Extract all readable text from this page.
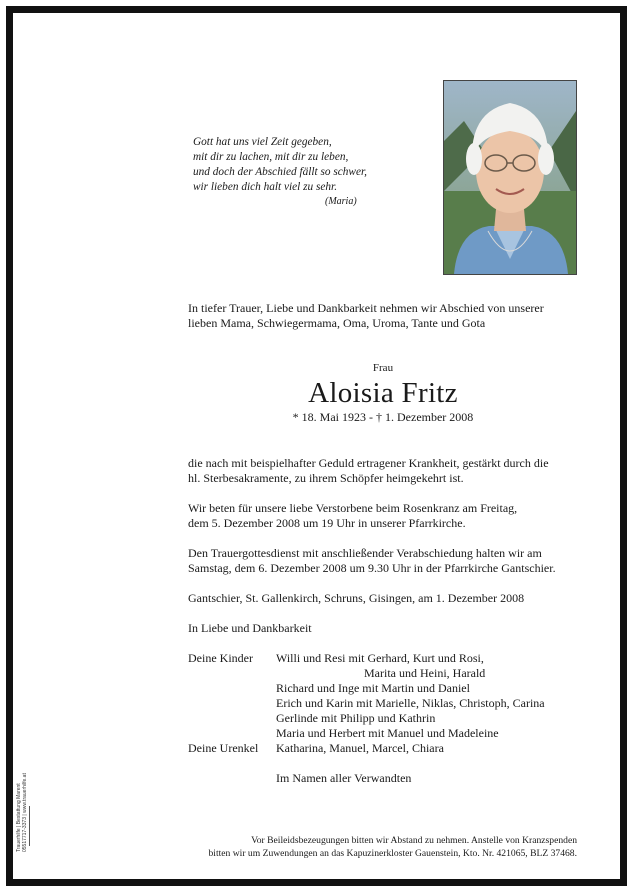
Gott hat uns viel Zeit gegeben,
mit dir zu lachen, mit dir zu leben,
und doch der Abschied fällt so schwer,
wir lieben dich halt viel zu sehr.
(Maria)
In tiefer Trauer, Liebe und Dankbarkeit nehmen wir Abschied von unserer
lieben Mama, Schwiegermama, Oma, Uroma, Tante und Gota
Frau
Aloisia Fritz
* 18. Mai 1923 - † 1. Dezember 2008
die nach mit beispielhafter Geduld ertragener Krankheit, gestärkt durch die
hl. Sterbesakramente, zu ihrem Schöpfer heimgekehrt ist.
Wir beten für unsere liebe Verstorbene beim Rosenkranz am Freitag,
dem 5. Dezember 2008 um 19 Uhr in unserer Pfarrkirche.
Den Trauergottesdienst mit anschließender Verabschiedung halten wir am
Samstag, dem 6. Dezember 2008 um 9.30 Uhr in der Pfarrkirche Gantschier.
Gantschier, St. Gallenkirch, Schruns, Gisingen, am 1. Dezember 2008
In Liebe und Dankbarkeit
Deine Kinder Willi und Resi mit Gerhard, Kurt und Rosi,
Marita und Heini, Harald
Richard und Inge mit Martin und Daniel
Erich und Karin mit Marielle, Niklas, Christoph, Carina
Gerlinde mit Philipp und Kathrin
Maria und Herbert mit Manuel und Madeleine
Deine Urenkel Katharina, Manuel, Marcel, Chiara
Im Namen aller Verwandten
Vor Beileidsbezeugungen bitten wir Abstand zu nehmen. Anstelle von Kranzspenden
bitten wir um Zuwendungen an das Kapuzinerkloster Gauenstein, Kto. Nr. 421065, BLZ 37468.
Trauerhilfe | Bestattung Marent 05517717-3373 | www.trauerhilfe.at
